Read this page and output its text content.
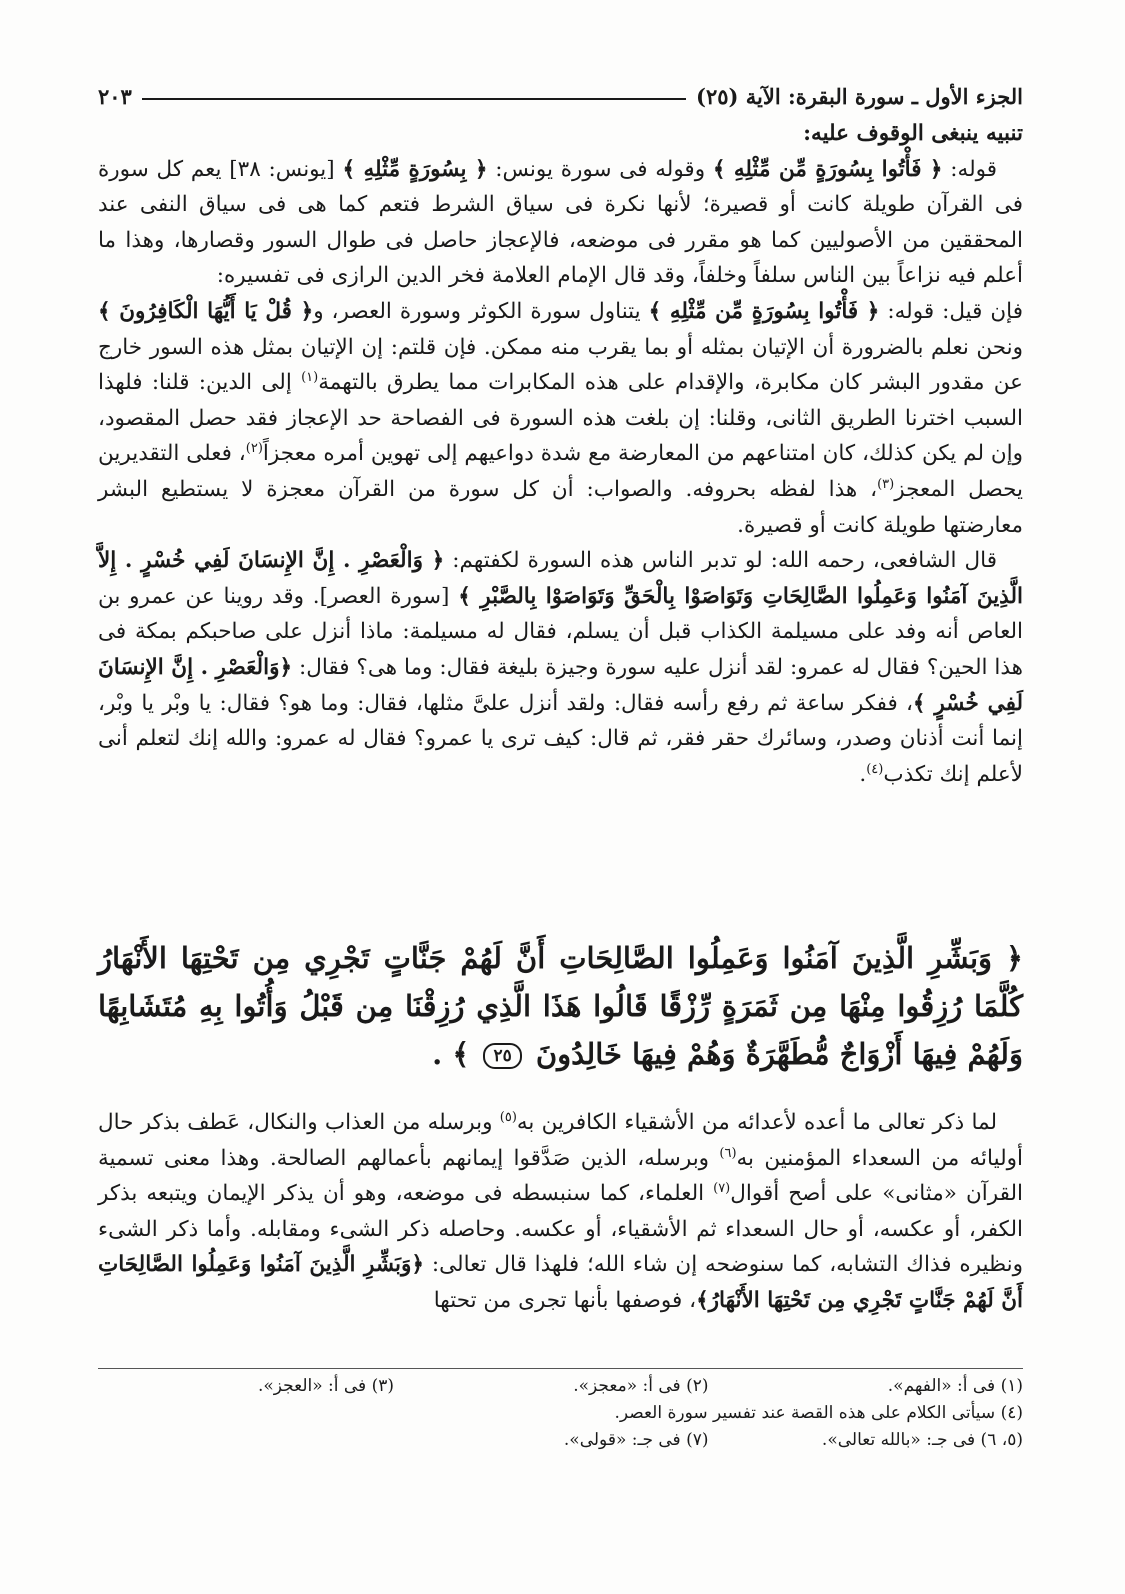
الجزء الأول ـ سورة البقرة: الآية (٢٥)
٢٠٣

تنبيه ينبغى الوقوف عليه:

قوله: ﴿ فَأْتُوا بِسُورَةٍ مِّن مِّثْلِهِ ﴾ وقوله فى سورة يونس: ﴿ بِسُورَةٍ مِّثْلِهِ ﴾ [يونس: ٣٨] يعم كل سورة فى القرآن طويلة كانت أو قصيرة؛ لأنها نكرة فى سياق الشرط فتعم كما هى فى سياق النفى عند المحققين من الأصوليين كما هو مقرر فى موضعه، فالإعجاز حاصل فى طوال السور وقصارها، وهذا ما أعلم فيه نزاعاً بين الناس سلفاً وخلفاً، وقد قال الإمام العلامة فخر الدين الرازى فى تفسيره:

فإن قيل: قوله: ﴿ فَأْتُوا بِسُورَةٍ مِّن مِّثْلِهِ ﴾ يتناول سورة الكوثر وسورة العصر، و﴿ قُلْ يَا أَيُّهَا الْكَافِرُونَ ﴾ ونحن نعلم بالضرورة أن الإتيان بمثله أو بما يقرب منه ممكن. فإن قلتم: إن الإتيان بمثل هذه السور خارج عن مقدور البشر كان مكابرة، والإقدام على هذه المكابرات مما يطرق بالتهمة$^{(١)}$ إلى الدين: قلنا: فلهذا السبب اخترنا الطريق الثانى، وقلنا: إن بلغت هذه السورة فى الفصاحة حد الإعجاز فقد حصل المقصود، وإن لم يكن كذلك، كان امتناعهم من المعارضة مع شدة دواعيهم إلى تهوين أمره معجزاً$^{(٢)}$، فعلى التقديرين يحصل المعجز$^{(٣)}$، هذا لفظه بحروفه. والصواب: أن كل سورة من القرآن معجزة لا يستطيع البشر معارضتها طويلة كانت أو قصيرة.

قال الشافعى، رحمه الله: لو تدبر الناس هذه السورة لكفتهم: ﴿ وَالْعَصْرِ . إِنَّ الإِنسَانَ لَفِي خُسْرٍ . إِلاَّ الَّذِينَ آمَنُوا وَعَمِلُوا الصَّالِحَاتِ وَتَوَاصَوْا بِالْحَقِّ وَتَوَاصَوْا بِالصَّبْرِ ﴾ [سورة العصر]. وقد روينا عن عمرو بن العاص أنه وفد على مسيلمة الكذاب قبل أن يسلم، فقال له مسيلمة: ماذا أنزل على صاحبكم بمكة فى هذا الحين؟ فقال له عمرو: لقد أنزل عليه سورة وجيزة بليغة فقال: وما هى؟ فقال: ﴿وَالْعَصْرِ . إِنَّ الإِنسَانَ لَفِي خُسْرٍ ﴾، ففكر ساعة ثم رفع رأسه فقال: ولقد أنزل علىَّ مثلها، فقال: وما هو؟ فقال: يا وبْر يا وبْر، إنما أنت أذنان وصدر، وسائرك حقر فقر، ثم قال: كيف ترى يا عمرو؟ فقال له عمرو: والله إنك لتعلم أنى لأعلم إنك تكذب$^{(٤)}$.

﴿ وَبَشِّرِ الَّذِينَ آمَنُوا وَعَمِلُوا الصَّالِحَاتِ أَنَّ لَهُمْ جَنَّاتٍ تَجْرِي مِن تَحْتِهَا الأَنْهَارُ كُلَّمَا رُزِقُوا مِنْهَا مِن ثَمَرَةٍ رِّزْقًا قَالُوا هَذَا الَّذِي رُزِقْنَا مِن قَبْلُ وَأُتُوا بِهِ مُتَشَابِهًا وَلَهُمْ فِيهَا أَزْوَاجٌ مُّطَهَّرَةٌ وَهُمْ فِيهَا خَالِدُونَ ٢٥ ﴾ .

لما ذكر تعالى ما أعده لأعدائه من الأشقياء الكافرين به$^{(٥)}$ وبرسله من العذاب والنكال، عَطف بذكر حال أوليائه من السعداء المؤمنين به$^{(٦)}$ وبرسله، الذين صَدَّقوا إيمانهم بأعمالهم الصالحة. وهذا معنى تسمية القرآن «مثانى» على أصح أقوال$^{(٧)}$ العلماء، كما سنبسطه فى موضعه، وهو أن يذكر الإيمان ويتبعه بذكر الكفر، أو عكسه، أو حال السعداء ثم الأشقياء، أو عكسه. وحاصله ذكر الشىء ومقابله. وأما ذكر الشىء ونظيره فذاك التشابه، كما سنوضحه إن شاء الله؛ فلهذا قال تعالى: ﴿وَبَشِّرِ الَّذِينَ آمَنُوا وَعَمِلُوا الصَّالِحَاتِ أَنَّ لَهُمْ جَنَّاتٍ تَجْرِي مِن تَحْتِهَا الأَنْهَارُ﴾، فوصفها بأنها تجرى من تحتها

(١) فى أ: «الفهم».
(٢) فى أ: «معجز».
(٣) فى أ: «العجز».
(٤) سيأتى الكلام على هذه القصة عند تفسير سورة العصر.
(٥، ٦) فى جـ: «بالله تعالى».
(٧) فى جـ: «قولى».
